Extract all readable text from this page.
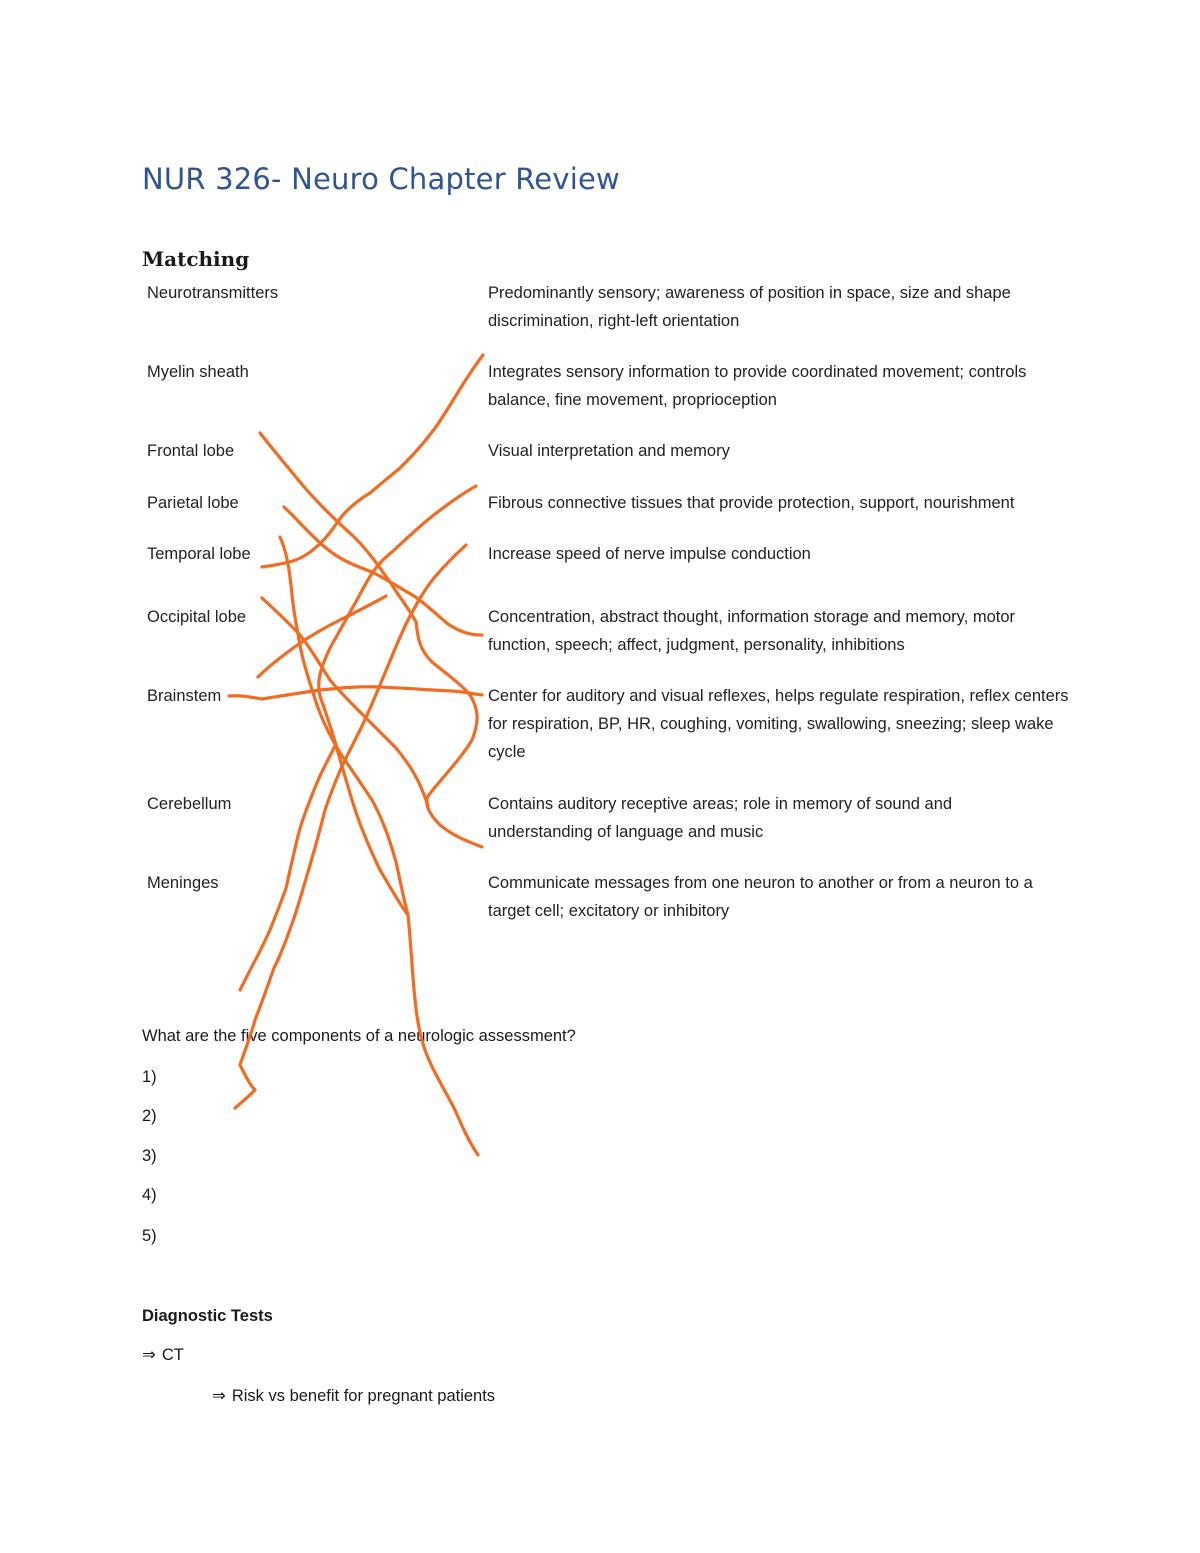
NUR 326- Neuro Chapter Review
Matching
Neurotransmitters
Myelin sheath
Frontal lobe
Parietal lobe
Temporal lobe
Occipital lobe
Brainstem
Cerebellum
Meninges
Predominantly sensory; awareness of position in space, size and shape discrimination, right-left orientation
Integrates sensory information to provide coordinated movement; controls balance, fine movement, proprioception
Visual interpretation and memory
Fibrous connective tissues that provide protection, support, nourishment
Increase speed of nerve impulse conduction
Concentration, abstract thought, information storage and memory, motor function, speech; affect, judgment, personality, inhibitions
Center for auditory and visual reflexes, helps regulate respiration, reflex centers for respiration, BP, HR, coughing, vomiting, swallowing, sneezing; sleep wake cycle
Contains auditory receptive areas; role in memory of sound and understanding of language and music
Communicate messages from one neuron to another or from a neuron to a target cell; excitatory or inhibitory
What are the five components of a neurologic assessment?
1)
2)
3)
4)
5)
Diagnostic Tests
⇒ CT
⇒ Risk vs benefit for pregnant patients
